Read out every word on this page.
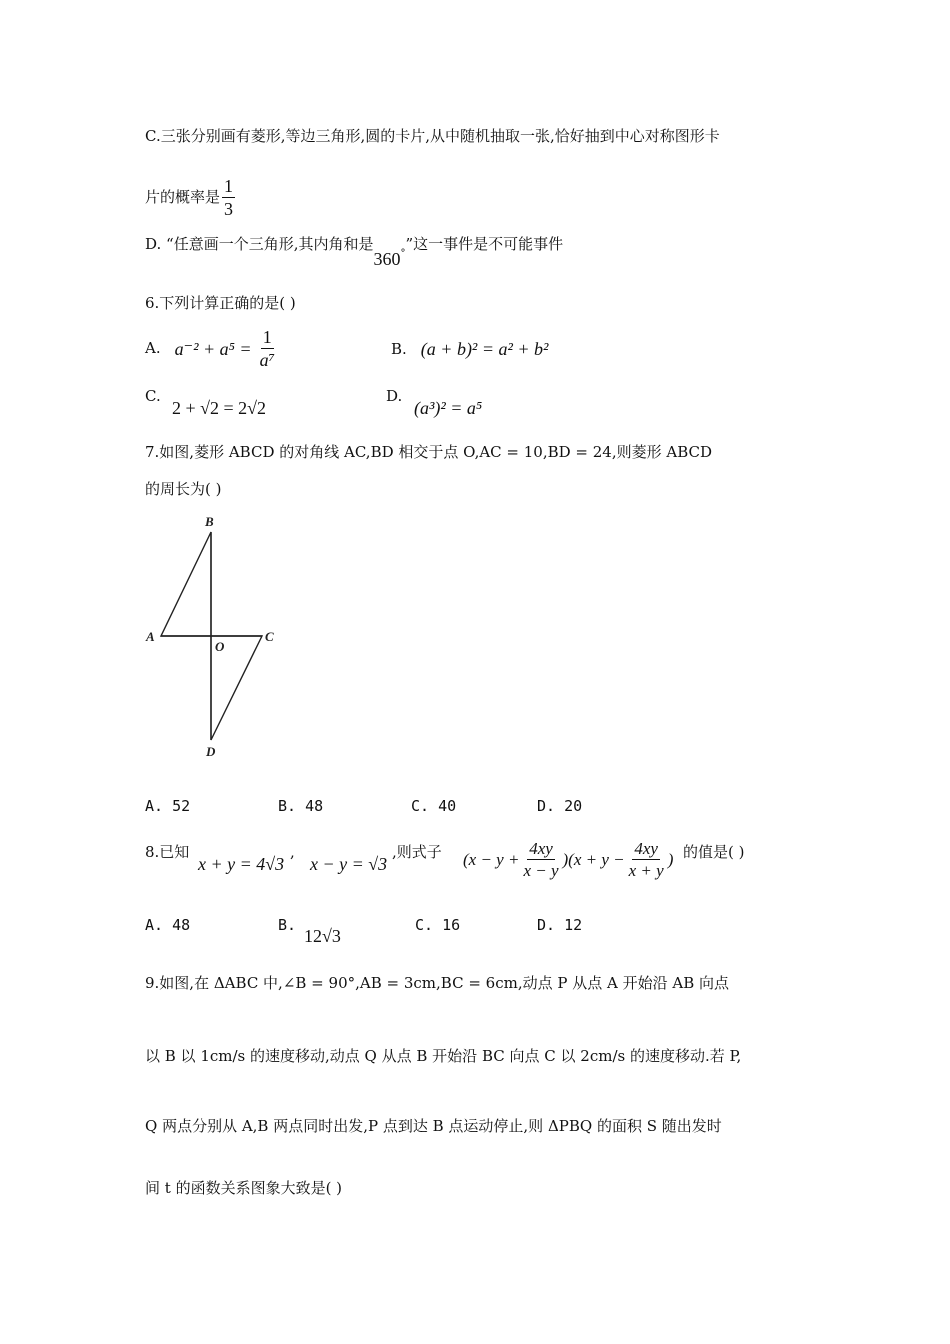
C.三张分别画有菱形,等边三角形,圆的卡片,从中随机抽取一张,恰好抽到中心对称图形卡
片的概率是 $\frac{1}{3}$
D. “任意画一个三角形,其内角和是
360 °
”这一事件是不可能事件
6.下列计算正确的是( )
A. $a^{-2} + a^5 = \frac{1}{\text{a⁷}}$	B. (a + b)² = a² + b²
C.
2 + √2 = 2√2
D.
(a³)² = a⁵
7.如图,菱形 ABCD 的对角线 AC,BD 相交于点 O,AC = 10,BD = 24,则菱形 ABCD
的周长为( )
B
A
O
C
D
A. 52	B. 48	C. 40	D. 20
8.已知
x + y = 4√3
,
x − y = √3
,则式子 $(x - y + \frac{4xy}{x - y} )(x + y - \frac{4xy}{x + y}$ ) 的值是( )
A. 48	B.
12√3
C. 16	D. 12
9.如图,在 ΔABC 中,∠B = 90°,AB = 3cm,BC = 6cm,动点 P 从点 A 开始沿 AB 向点
以 B 以 1cm/s 的速度移动,动点 Q 从点 B 开始沿 BC 向点 C 以 2cm/s 的速度移动.若 P,
Q 两点分别从 A,B 两点同时出发,P 点到达 B 点运动停止,则 ΔPBQ 的面积 S 随出发时
间 t 的函数关系图象大致是( )
